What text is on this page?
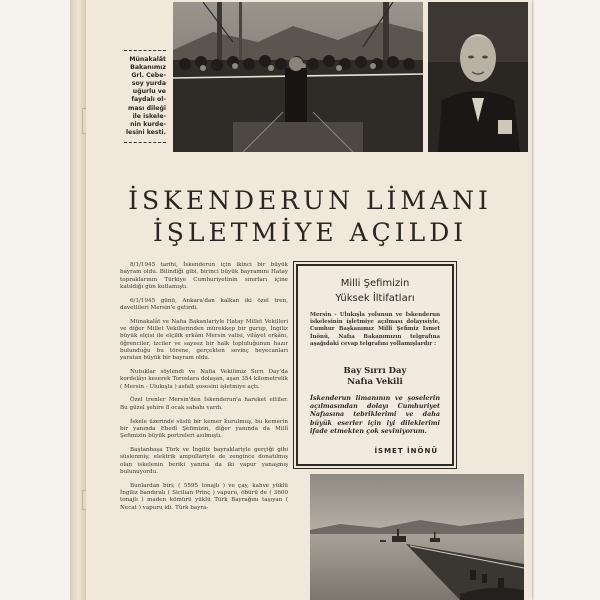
Münakalât
Bakanımız
Grl. Cebe-
soy yurda
uğurlu ve
faydalı ol-
ması dileği
ile iskele-
nin kurde-
lesini kesti.
İSKENDERUN LİMANI
İŞLETMİYE AÇILDI

8/1/1945 tarihi, İskenderun için ikinci bir büyük bayram oldu. Bilindiği gibi, birinci büyük bayramını Hatay topraklarının Türkiye Cumhuriyetinin sınırları içine katıldığı gün kutlamıştı.

6/1/1945 günü, Ankara'dan kalkan iki özel tren, davetlileri Mersin'e getirdi.

Münakalât ve Nafıa Bakanlariyle Hatay Millet Vekilleri ve diğer Millet Vekillerinden mürekkep bir gurup, İngiliz büyük elçisi ile elçilik erkânı Mersin valisi, vilâyet erkânı, öğrenciler, izciler ve sayısız bir halk topluluğunun hazır bulunduğu bu törene, gerçekten sevinç heyecanları yaratan büyük bir bayram oldu.

Nutuklar söylendi ve Nafıa Vekilimiz Sırrı Day'da kordelâyı keserek Toroslara dolaşan, aşan 354 kilometrelik ( Mersin - Ulukışla ) asfalt şosesini işletmiye açtı.

Özel trenler Mersin'den İskenderun'a hareket ettiler. Bu güzel şehire 8 ocak sabahı vardı.

İskele üzerinde süslü bir kemer kurulmuş, bu kemerin bir yanında Ebedî Şefimizin, diğer yanında da Millî Şefimizin büyük portreleri asılmıştı.

Baştanbaşa Türk ve İngiliz bayraklariyle gerçiği gibi süslenmiş; elektrik ampullariyle de zengince donatılmış olan iskelenin beriki yanına da iki vapur yanaşmış bulunuyordu.

Bunlardan biri; ( 5595 tonajlı ) ve çay, kahve yüklü İngiliz bandıralı ( Sicilian Prinç ) vapuru, öbürü de ( 3600 tonajlı ) maden kömürü yüklü Türk Bayrağını taşıyan ( Necat ) vapuru idi. Türk bayra-

Milli Şefimizin
Yüksek İltifatları
Mersin - Ulukışla yolunun ve İskenderun iskelesinin işletmiye açılması dolayısiyle, Cumhur Başkanımız Millî Şefimiz İsmet İnönü, Nafıa Bakanımızın telgrafına aşağıdaki cevap telgrafını yollamışlardır :
Bay Sırrı Day
Nafıa Vekili
İskenderun limanının ve şoselerin açılmasından dolayı Cumhuriyet Nafıasına tebriklerimi ve daha büyük eserler için iyi dileklerimi ifade etmekten çok seviniyorum.
İSMET İNÖNÜ
